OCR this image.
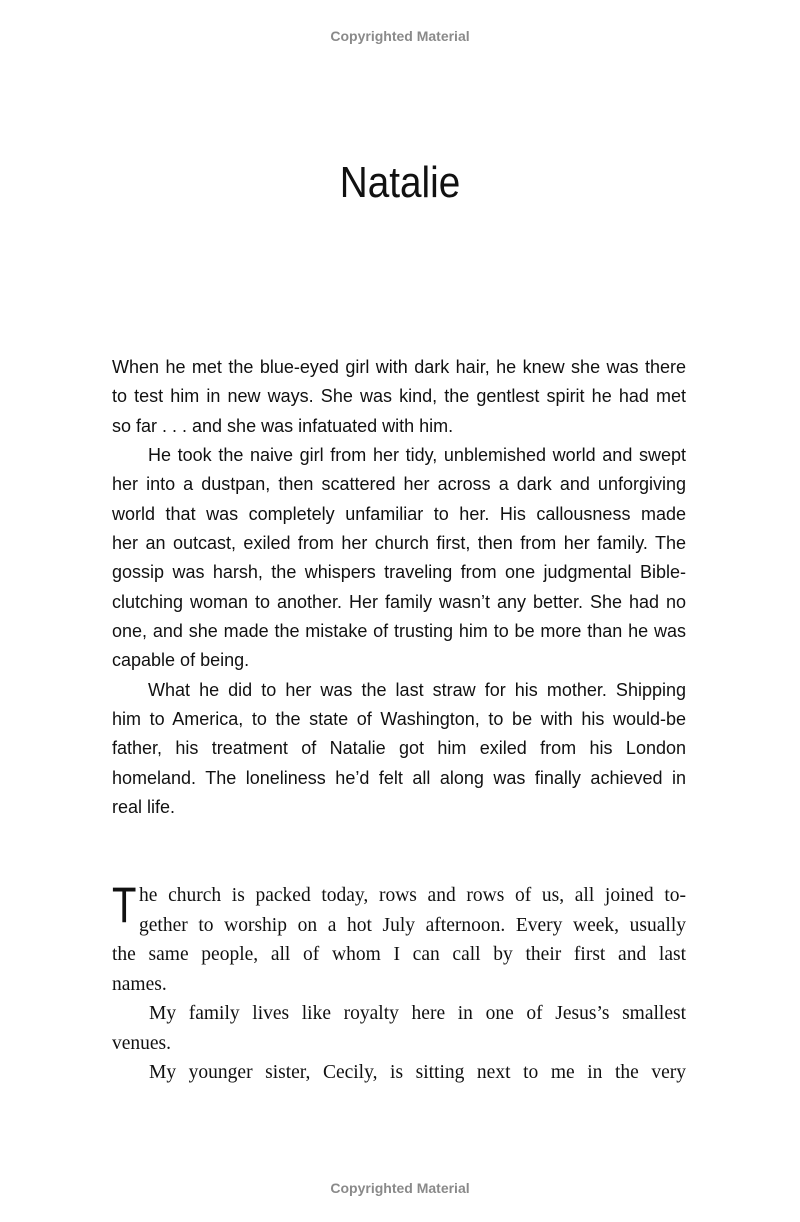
Copyrighted Material
Natalie
When he met the blue-eyed girl with dark hair, he knew she was there
to test him in new ways. She was kind, the gentlest spirit he had met
so far . . . and she was infatuated with him.
He took the naive girl from her tidy, unblemished world and swept
her into a dustpan, then scattered her across a dark and unforgiving
world that was completely unfamiliar to her. His callousness made
her an outcast, exiled from her church first, then from her family. The
gossip was harsh, the whispers traveling from one judgmental Bible-
clutching woman to another. Her family wasn’t any better. She had no
one, and she made the mistake of trusting him to be more than he was
capable of being.
What he did to her was the last straw for his mother. Shipping
him to America, to the state of Washington, to be with his would-be
father, his treatment of Natalie got him exiled from his London
homeland. The loneliness he’d felt all along was finally achieved in
real life.
T he church is packed today, rows and rows of us, all joined to-
gether to worship on a hot July afternoon. Every week, usually
the same people, all of whom I can call by their first and last
names.
My family lives like royalty here in one of Jesus’s smallest
venues.
My younger sister, Cecily, is sitting next to me in the very
Copyrighted Material
